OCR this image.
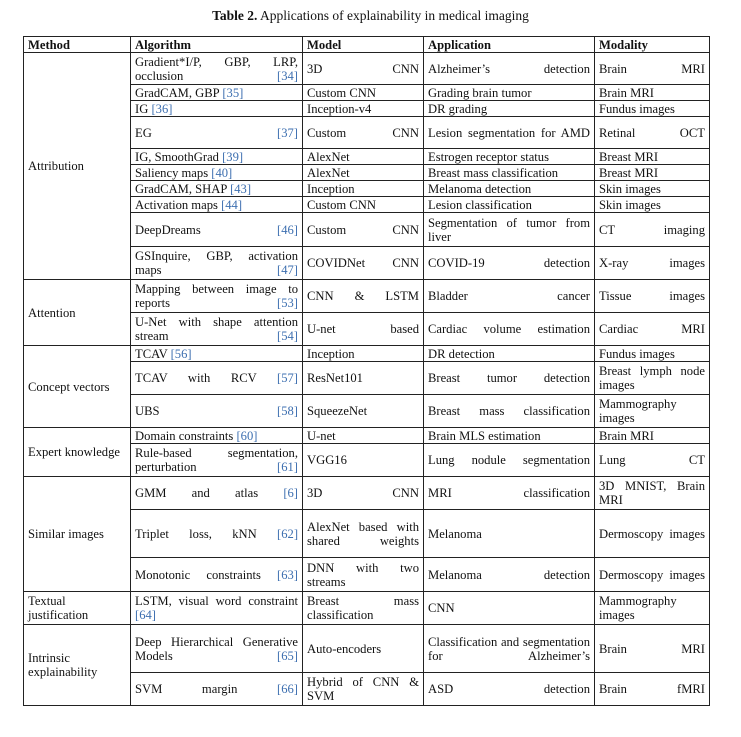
Table 2. Applications of explainability in medical imaging
Method	Algorithm	Model	Application	Modality
Attribution	Gradient*I/P, GBP, LRP, occlusion [34]	3D CNN	Alzheimer’s detection	Brain MRI
	GradCAM, GBP [35]	Custom CNN	Grading brain tumor	Brain MRI
	IG [36]	Inception-v4	DR grading	Fundus images
	EG [37]	Custom CNN	Lesion segmentation for AMD	Retinal OCT
	IG, SmoothGrad [39]	AlexNet	Estrogen receptor status	Breast MRI
	Saliency maps [40]	AlexNet	Breast mass classification	Breast MRI
	GradCAM, SHAP [43]	Inception	Melanoma detection	Skin images
	Activation maps [44]	Custom CNN	Lesion classification	Skin images
	DeepDreams [46]	Custom CNN	Segmentation of tumor from liver	CT imaging
	GSInquire, GBP, activation maps [47]	COVIDNet CNN	COVID-19 detection	X-ray images
Attention	Mapping between image to reports [53]	CNN & LSTM	Bladder cancer	Tissue images
	U-Net with shape attention stream [54]	U-net based	Cardiac volume estimation	Cardiac MRI
Concept vectors	TCAV [56]	Inception	DR detection	Fundus images
	TCAV with RCV [57]	ResNet101	Breast tumor detection	Breast lymph node images
	UBS [58]	SqueezeNet	Breast mass classification	Mammography images
Expert knowledge	Domain constraints [60]	U-net	Brain MLS estimation	Brain MRI
	Rule-based segmentation, perturbation [61]	VGG16	Lung nodule segmentation	Lung CT
Similar images	GMM and atlas [6]	3D CNN	MRI classification	3D MNIST, Brain MRI
	Triplet loss, kNN [62]	AlexNet based with shared weights	Melanoma	Dermoscopy images
	Monotonic constraints [63]	DNN with two streams	Melanoma detection	Dermoscopy images
Textual justification	LSTM, visual word constraint [64]	Breast mass classification	CNN	Mammography images
Intrinsic explainability	Deep Hierarchical Generative Models [65]	Auto-encoders	Classification and segmentation for Alzheimer’s	Brain MRI
	SVM margin [66]	Hybrid of CNN & SVM	ASD detection	Brain fMRI
